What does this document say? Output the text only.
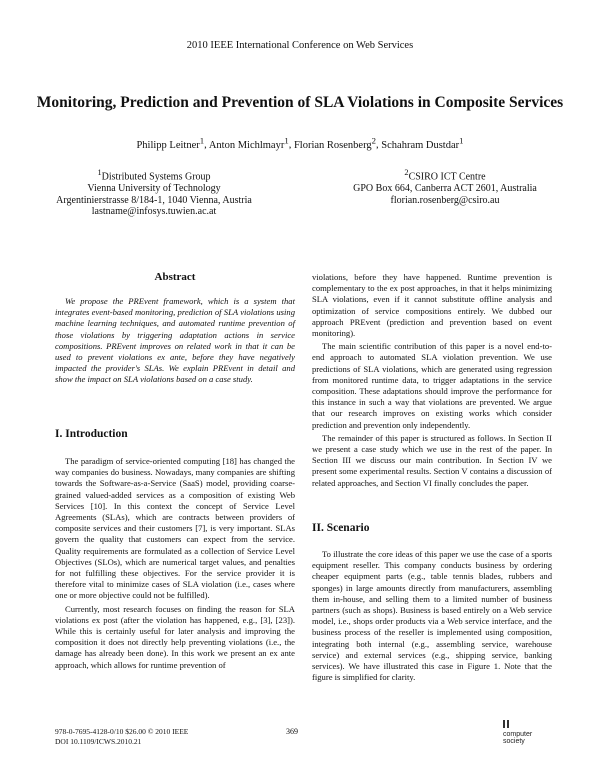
2010 IEEE International Conference on Web Services
Monitoring, Prediction and Prevention of SLA Violations in Composite Services
Philipp Leitner$^1$, Anton Michlmayr$^1$, Florian Rosenberg$^2$, Schahram Dustdar$^1$
$^1$Distributed Systems Group
Vienna University of Technology
Argentinierstrasse 8/184-1, 1040 Vienna, Austria
lastname@infosys.tuwien.ac.at
$^2$CSIRO ICT Centre
GPO Box 664, Canberra ACT 2601, Australia
florian.rosenberg@csiro.au
Abstract

We propose the PREvent framework, which is a system that integrates event-based monitoring, prediction of SLA violations using machine learning techniques, and automated runtime prevention of those violations by triggering adaptation actions in service compositions. PREvent improves on related work in that it can be used to prevent violations ex ante, before they have negatively impacted the provider's SLAs. We explain PREvent in detail and show the impact on SLA violations based on a case study.

I. Introduction

The paradigm of service-oriented computing [18] has changed the way companies do business. Nowadays, many companies are shifting towards the Software-as-a-Service (SaaS) model, providing coarse-grained valued-added services as a composition of existing Web Services [10]. In this context the concept of Service Level Agreements (SLAs), which are contracts between providers of composite services and their customers [7], is very important. SLAs govern the quality that customers can expect from the service. Quality requirements are formulated as a collection of Service Level Objectives (SLOs), which are numerical target values, and penalties for not fulfilling these objectives. For the service provider it is therefore vital to minimize cases of SLA violation (i.e., cases where one or more objective could not be fulfilled).

Currently, most research focuses on finding the reason for SLA violations ex post (after the violation has happened, e.g., [3], [23]). While this is certainly useful for later analysis and improving the composition it does not directly help preventing violations (i.e., the damage has already been done). In this work we present an ex ante approach, which allows for runtime prevention of

violations, before they have happened. Runtime prevention is complementary to the ex post approaches, in that it helps minimizing SLA violations, even if it cannot substitute offline analysis and optimization of service compositions entirely. We dubbed our approach PREvent (prediction and prevention based on event monitoring).

The main scientific contribution of this paper is a novel end-to-end approach to automated SLA violation prevention. We use predictions of SLA violations, which are generated using regression from monitored runtime data, to trigger adaptations in the service composition. These adaptations should improve the performance for this instance in such a way that violations are prevented. We argue that our research improves on existing works which consider prediction and prevention only independently.

The remainder of this paper is structured as follows. In Section II we present a case study which we use in the rest of the paper. In Section III we discuss our main contribution. In Section IV we present some experimental results. Section V contains a discussion of related approaches, and Section VI finally concludes the paper.

II. Scenario

To illustrate the core ideas of this paper we use the case of a sports equipment reseller. This company conducts business by ordering cheaper equipment parts (e.g., table tennis blades, rubbers and sponges) in large amounts directly from manufacturers, assembling them in-house, and selling them to a limited number of business partners (such as shops). Business is based entirely on a Web service model, i.e., shops order products via a Web service interface, and the business process of the reseller is implemented using composition, integrating both internal (e.g., assembling service, warehouse service) and external services (e.g., shipping service, banking services). We have illustrated this case in Figure 1. Note that the figure is simplified for clarity.

978-0-7695-4128-0/10 $26.00 © 2010 IEEE
DOI 10.1109/ICWS.2010.21
369	computer society
